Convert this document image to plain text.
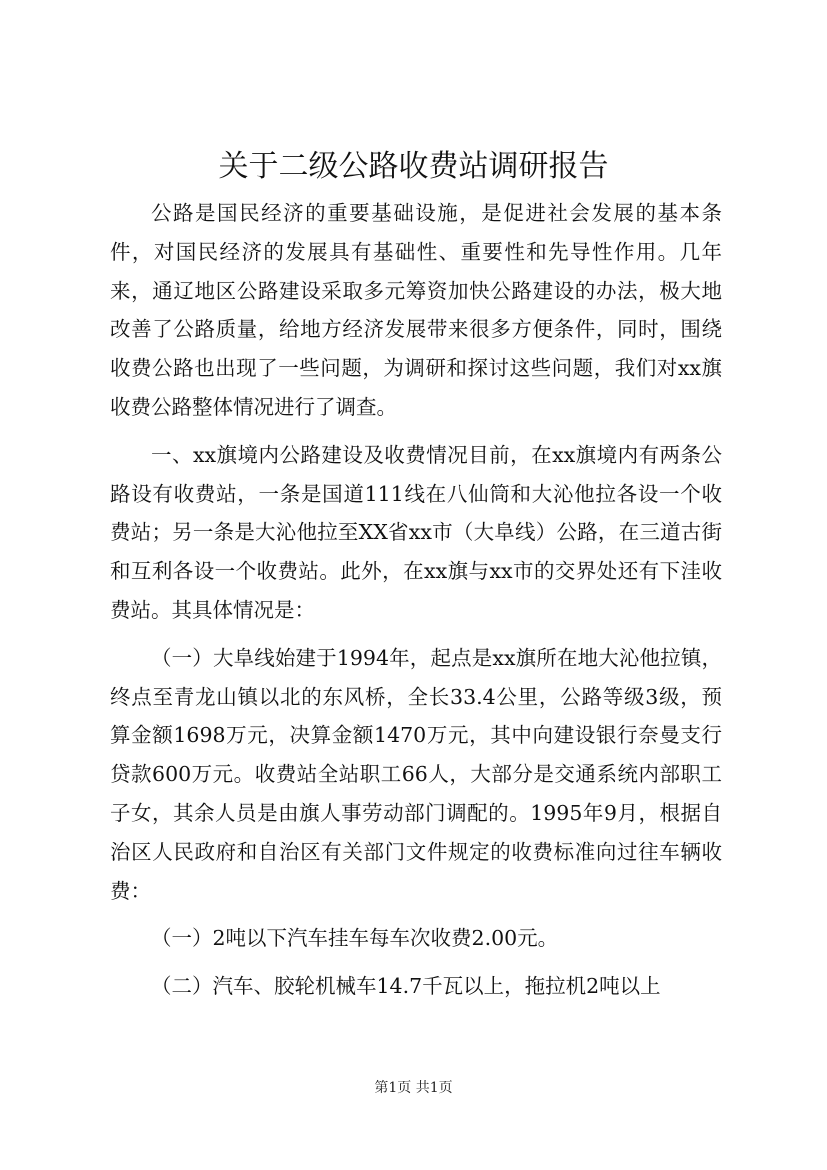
关于二级公路收费站调研报告

公路是国民经济的重要基础设施，是促进社会发展的基本条件，对国民经济的发展具有基础性、重要性和先导性作用。几年来，通辽地区公路建设采取多元筹资加快公路建设的办法，极大地改善了公路质量，给地方经济发展带来很多方便条件，同时，围绕收费公路也出现了一些问题，为调研和探讨这些问题，我们对xx旗收费公路整体情况进行了调查。

一、xx旗境内公路建设及收费情况目前，在xx旗境内有两条公路设有收费站，一条是国道111线在八仙筒和大沁他拉各设一个收费站；另一条是大沁他拉至XX省xx市（大阜线）公路，在三道古街和互利各设一个收费站。此外，在xx旗与xx市的交界处还有下洼收费站。其具体情况是：

（一）大阜线始建于1994年，起点是xx旗所在地大沁他拉镇，终点至青龙山镇以北的东风桥，全长33.4公里，公路等级3级，预算金额1698万元，决算金额1470万元，其中向建设银行奈曼支行贷款600万元。收费站全站职工66人，大部分是交通系统内部职工子女，其余人员是由旗人事劳动部门调配的。1995年9月，根据自治区人民政府和自治区有关部门文件规定的收费标准向过往车辆收费：

（一）2吨以下汽车挂车每车次收费2.00元。

（二）汽车、胶轮机械车14.7千瓦以上，拖拉机2吨以上

第1页 共1页
